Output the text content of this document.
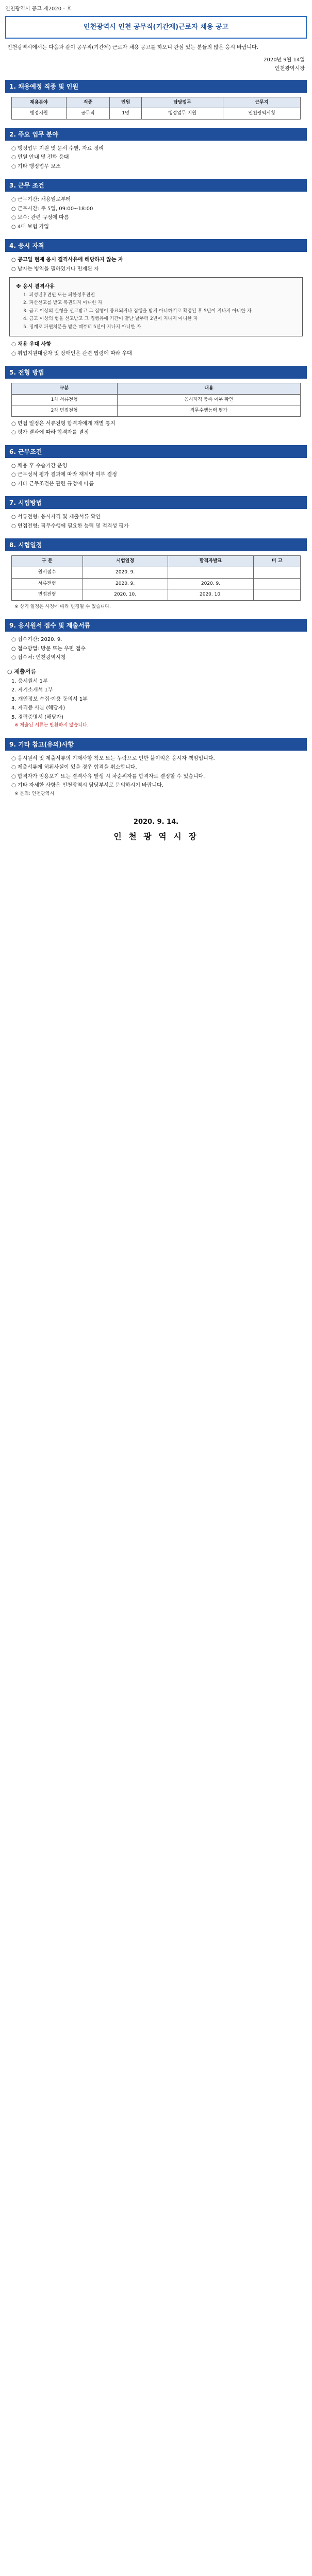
인천광역시 공고 제2020 - 호
인천광역시 인천 공무직(기간제)근로자 채용 공고
인천광역시에서는 다음과 같이 공무직(기간제) 근로자 채용 공고를 하오니 관심 있는 분들의 많은 응시 바랍니다.
2020년 9월 14일
인천광역시장
1. 채용예정 직종 및 인원
채용분야	직종	인원	담당업무	근무지
행정지원	공무직	1명	행정업무 지원	인천광역시청
2. 주요 업무 분야
○ 행정업무 지원 및 문서 수발, 자료 정리
○ 민원 안내 및 전화 응대
○ 기타 행정업무 보조
3. 근무 조건
○ 근무기간: 채용일로부터
○ 근무시간: 주 5일, 09:00~18:00
○ 보수: 관련 규정에 따름
○ 4대 보험 가입
4. 응시 자격
○ 공고일 현재 응시 결격사유에 해당하지 않는 자
○ 남자는 병역을 필하였거나 면제된 자
※ 응시 결격사유
1. 피성년후견인 또는 피한정후견인
2. 파산선고를 받고 복권되지 아니한 자
3. 금고 이상의 실형을 선고받고 그 집행이 종료되거나 집행을 받지 아니하기로 확정된 후 5년이 지나지 아니한 자
4. 금고 이상의 형을 선고받고 그 집행유예 기간이 끝난 날부터 2년이 지나지 아니한 자
5. 징계로 파면처분을 받은 때부터 5년이 지나지 아니한 자
○ 채용 우대 사항
○ 취업지원대상자 및 장애인은 관련 법령에 따라 우대
5. 전형 방법
구분	내용
1차 서류전형	응시자격 충족 여부 확인
2차 면접전형	직무수행능력 평가
○ 면접 일정은 서류전형 합격자에게 개별 통지
○ 평가 결과에 따라 합격자를 결정
6. 근무조건
○ 채용 후 수습기간 운영
○ 근무성적 평가 결과에 따라 재계약 여부 결정
○ 기타 근무조건은 관련 규정에 따름
7. 시험방법
○ 서류전형: 응시자격 및 제출서류 확인
○ 면접전형: 직무수행에 필요한 능력 및 적격성 평가
8. 시험일정
구 분	시험일정	합격자발표	비 고
원서접수	2020. 9.		
서류전형	2020. 9.	2020. 9.	
면접전형	2020. 10.	2020. 10.	
※ 상기 일정은 사정에 따라 변경될 수 있습니다.
9. 응시원서 접수 및 제출서류
○ 접수기간: 2020. 9.
○ 접수방법: 방문 또는 우편 접수
○ 접수처: 인천광역시청
○ 제출서류
1. 응시원서 1부
2. 자기소개서 1부
3. 개인정보 수집·이용 동의서 1부
4. 자격증 사본 (해당자)
5. 경력증명서 (해당자)
※ 제출된 서류는 반환하지 않습니다.
9. 기타 참고(유의)사항
○ 응시원서 및 제출서류의 기재사항 착오 또는 누락으로 인한 불이익은 응시자 책임입니다.
○ 제출서류에 허위사실이 있을 경우 합격을 취소합니다.
○ 합격자가 임용포기 또는 결격사유 발생 시 차순위자를 합격자로 결정할 수 있습니다.
○ 기타 자세한 사항은 인천광역시 담당부서로 문의하시기 바랍니다.
※ 문의: 인천광역시
2020. 9. 14.
인 천 광 역 시 장
